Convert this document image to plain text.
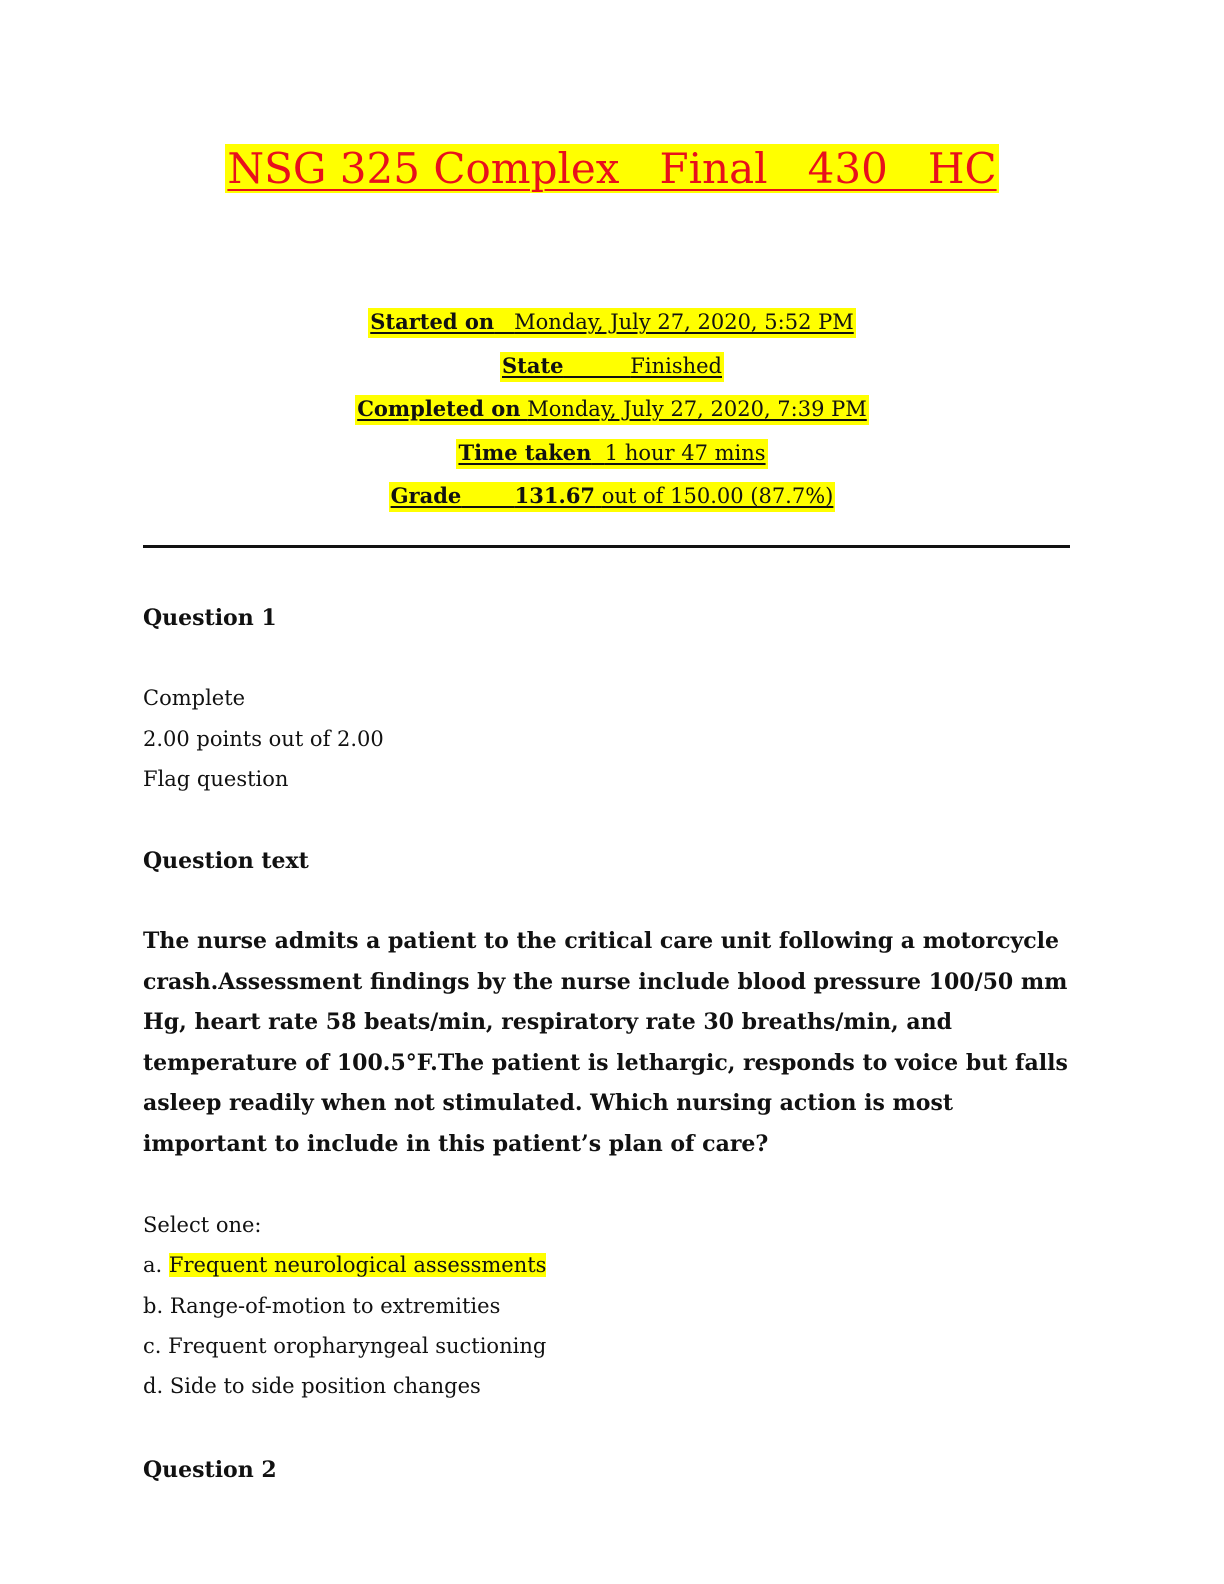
NSG 325 Complex   Final   430   HC
Started on Monday, July 27, 2020, 5:52 PM
State	Finished
Completed on Monday, July 27, 2020, 7:39 PM
Time taken 1 hour 47 mins
Grade	131.67 out of 150.00 (87.7%)
Question 1
Complete
2.00 points out of 2.00
Flag question
Question text
The nurse admits a patient to the critical care unit following a motorcycle crash.Assessment findings by the nurse include blood pressure 100/50 mm Hg, heart rate 58 beats/min, respiratory rate 30 breaths/min, and temperature of 100.5°F.The patient is lethargic, responds to voice but falls asleep readily when not stimulated. Which nursing action is most important to include in this patient’s plan of care?
Select one:
a. Frequent neurological assessments
b. Range-of-motion to extremities
c. Frequent oropharyngeal suctioning
d. Side to side position changes
Question 2
